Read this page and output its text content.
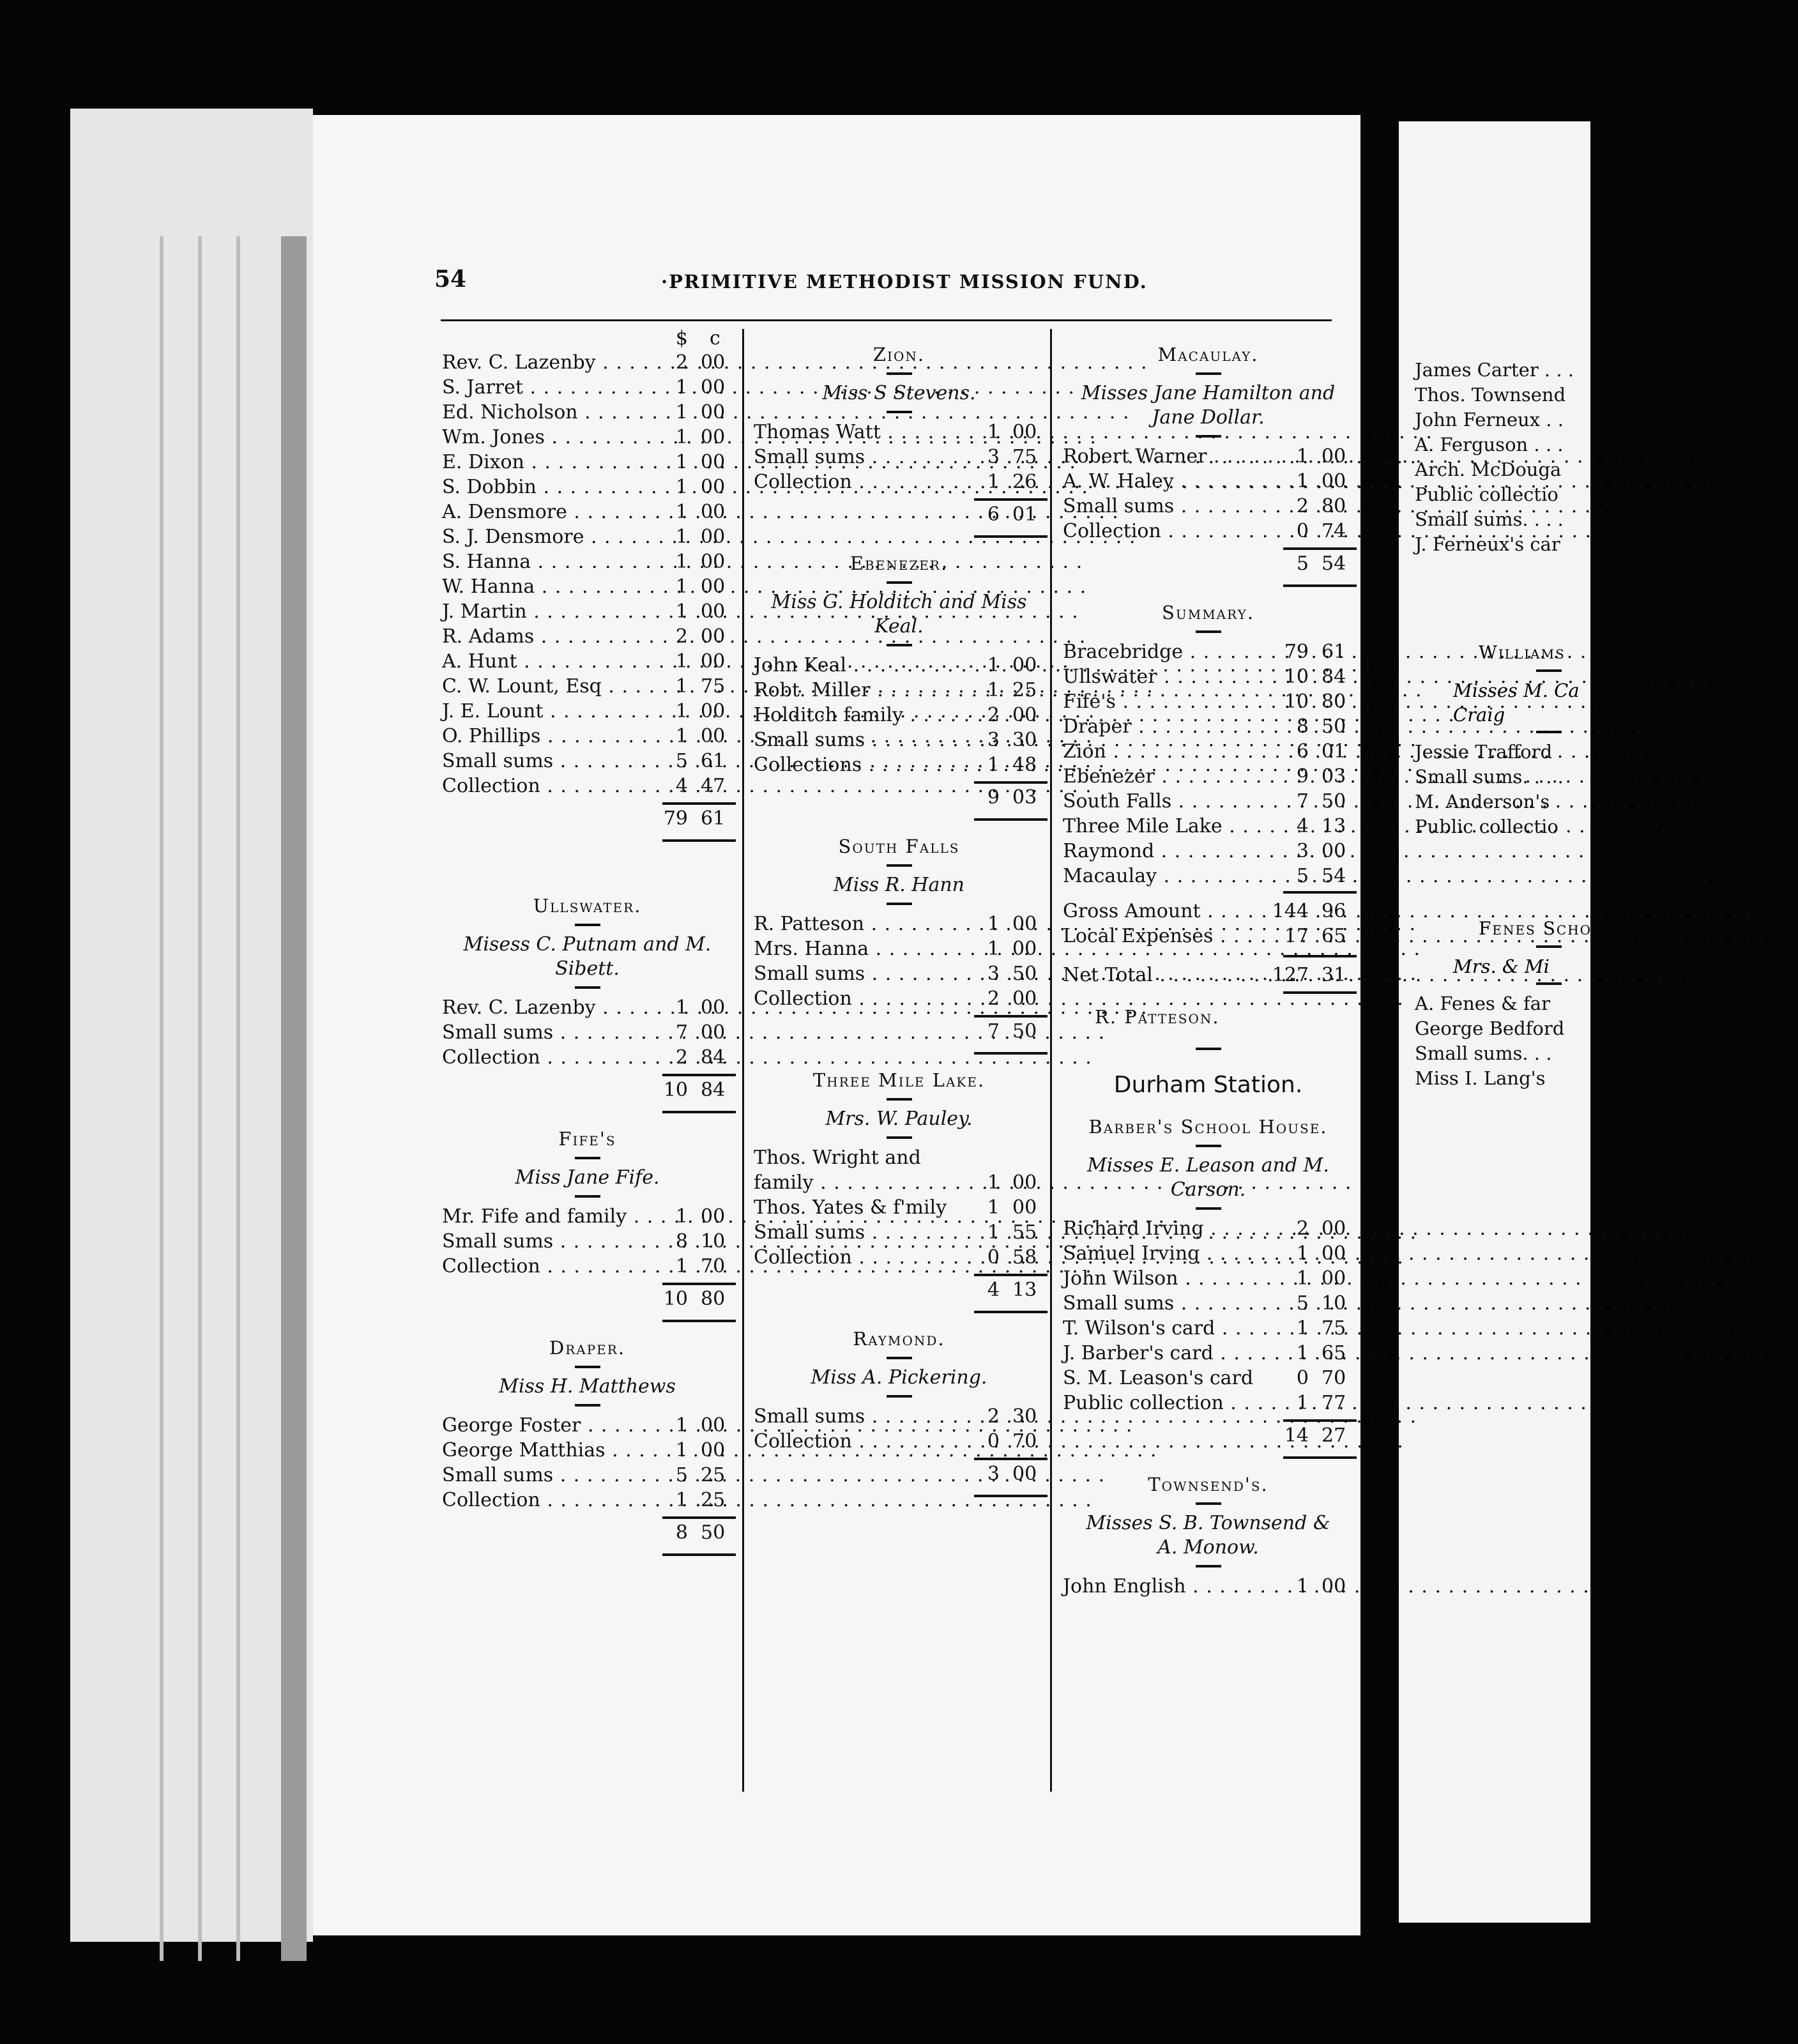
James Carter . . .
Thos. Townsend
John Ferneux . .
A. Ferguson . . .
Arch. McDouga
Public collectio
Small sums. . . .
J. Ferneux's car
Williams
Misses M. Ca
Craig
Jessie Trafford
Small sums. . . .
M. Anderson's
Public collectio
Fenes Schoo
Mrs. & Mi
A. Fenes & far
George Bedford
Small sums. . .
Miss I. Lang's
54	·PRIMITIVE METHODIST MISSION FUND.
$ c
Rev. C. Lazenby . . .	2 00
S. Jarret . . .	1 00
Ed. Nicholson . . .	1 00
Wm. Jones . . .	1 00
E. Dixon . . .	1 00
S. Dobbin . . .	1 00
A. Densmore . . .	1 00
S. J. Densmore . . .	1 00
S. Hanna . . .	1 00
W. Hanna . . .	1 00
J. Martin . . .	1 00
R. Adams . . .	2 00
A. Hunt . . .	1 00
C. W. Lount, Esq . . .	1 75
J. E. Lount . . .	1 00
O. Phillips . . .	1 00
Small sums . . .	5 61
Collection . . .	4 47
79 61
Ullswater.
Misess C. Putnam and M.
Sibett.
Rev. C. Lazenby . . .	1 00
Small sums . . .	7 00
Collection . . .	2 84
10 84
Fife's
Miss Jane Fife.
Mr. Fife and family . . .	1 00
Small sums . . .	8 10
Collection . . .	1 70
10 80
Draper.
Miss H. Matthews
George Foster . . .	1 00
George Matthias . . .	1 00
Small sums . . .	5 25
Collection . . .	1 25
8 50
Zion.
Miss S Stevens.
Thomas Watt . . .	1 00
Small sums . . .	3 75
Collection . . .	1 26
6 01
Ebenezer.
Miss G. Holditch and Miss
Keal.
John Keal . . .	1 00
Robt. Miller . . .	1 25
Holditch family . . .	2 00
Small sums . . .	3 30
Collections . . .	1 48
9 03
South Falls
Miss R. Hann
R. Patteson . . .	1 00
Mrs. Hanna . . .	1 00
Small sums . . .	3 50
Collection . . .	2 00
7 50
Three Mile Lake.
Mrs. W. Pauley.
Thos. Wright and
family . . .	1 00
Thos. Yates & f'mily	1 00
Small sums . . .	1 55
Collection . . .	0 58
4 13
Raymond.
Miss A. Pickering.
Small sums . . .	2 30
Collection . . .	0 70
3 00
Macaulay.
Misses Jane Hamilton and
Jane Dollar.
Robert Warner . . .	1 00
A. W. Haley . . .	1 00
Small sums . . .	2 80
Collection . . .	0 74
5 54
Summary.
Bracebridge . . .	79 61
Ullswater . . .	10 84
Fife's . . .	10 80
Draper . . .	8 50
Zion . . .	6 01
Ebenezer . . .	9 03
South Falls . . .	7 50
Three Mile Lake . . .	4 13
Raymond . . .	3 00
Macaulay . . .	5 54
Gross Amount . . .	144 96
Local Expenses . . .	17 65
Net Total . . .	127 31
R. Patteson.
Durham Station.
Barber's School House.
Misses E. Leason and M.
Carson.
Richard Irving . . .	2 00
Samuel Irving . . .	1 00
John Wilson . . .	1 00
Small sums . . .	5 10
T. Wilson's card . . .	1 75
J. Barber's card . . .	1 65
S. M. Leason's card	0 70
Public collection . . .	1 77
14 27
Townsend's.
Misses S. B. Townsend &
A. Monow.
John English . . .	1 00
